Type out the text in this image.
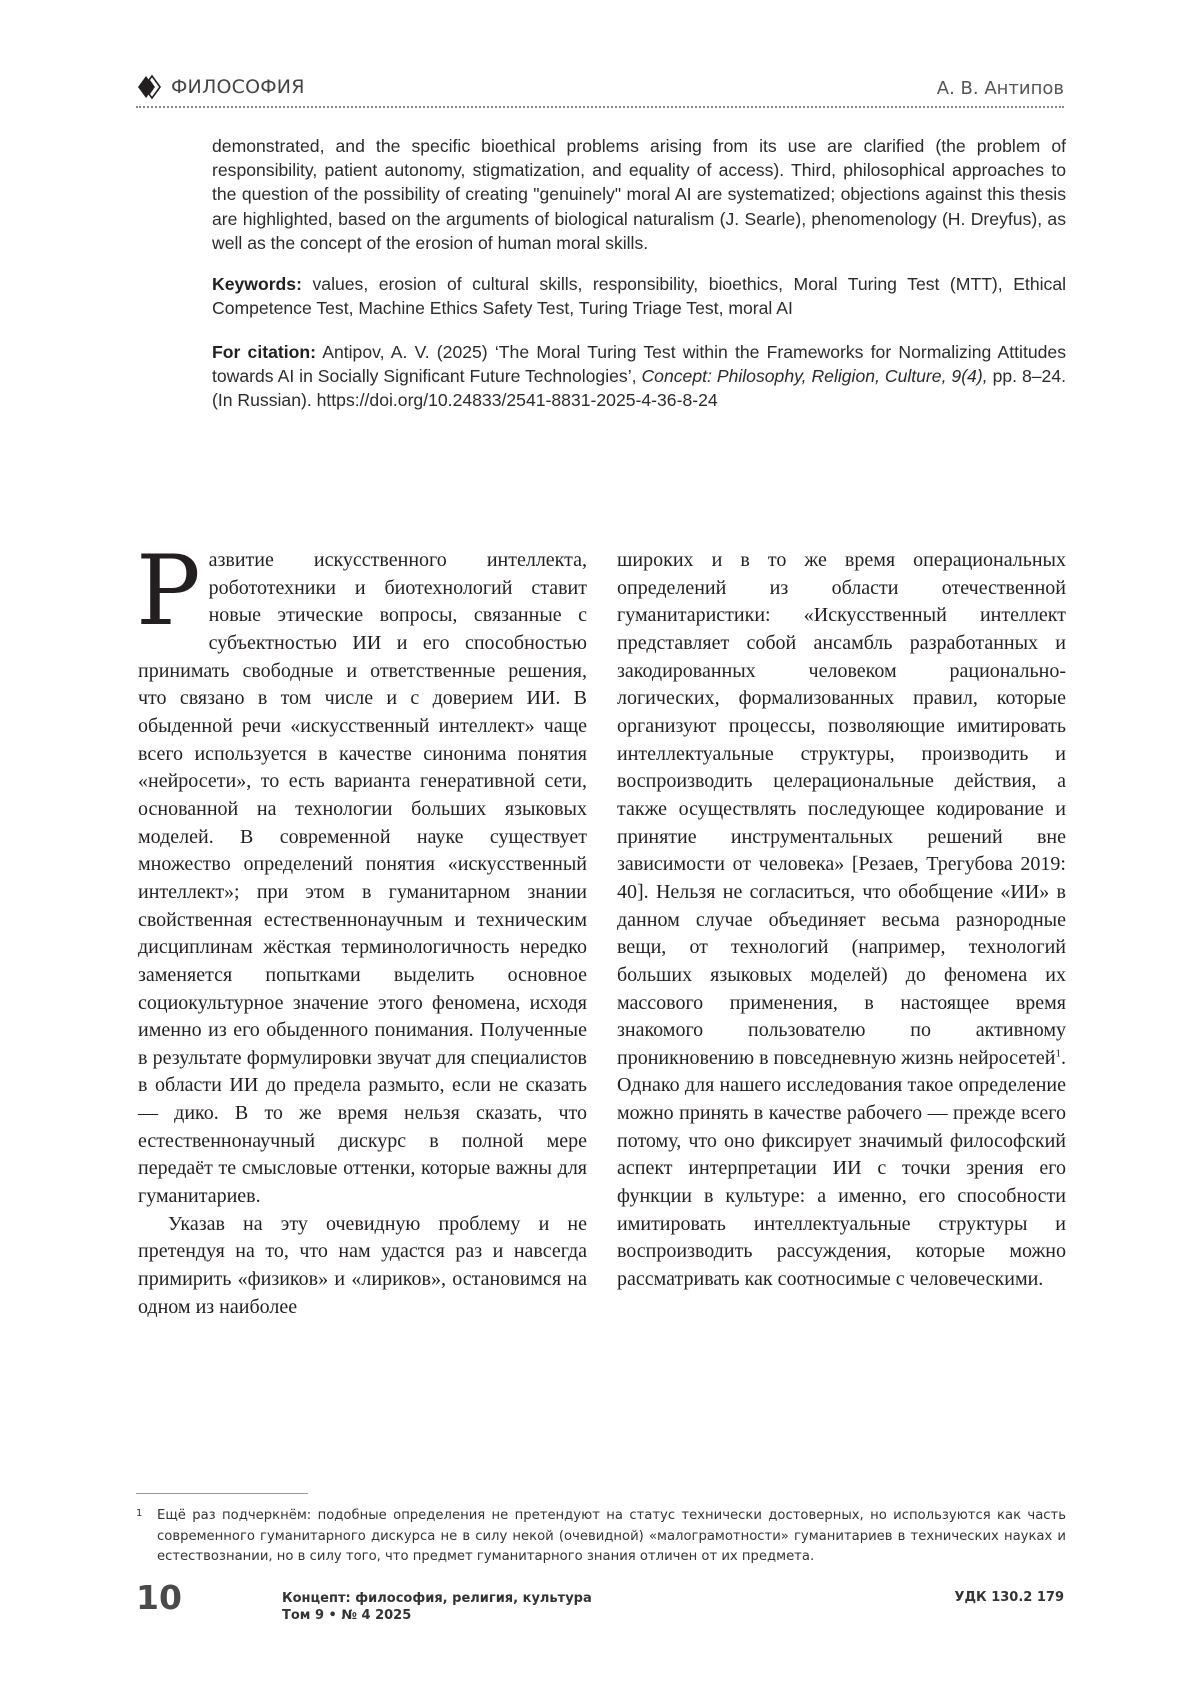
ФИЛОСОФИЯ	А. В. Антипов

demonstrated, and the specific bioethical problems arising from its use are clarified (the problem of responsibility, patient autonomy, stigmatization, and equality of access). Third, philosophical approaches to the question of the possibility of creating "genuinely" moral AI are systematized; objections against this thesis are highlighted, based on the arguments of biological naturalism (J. Searle), phenomenology (H. Dreyfus), as well as the concept of the erosion of human moral skills.

Keywords: values, erosion of cultural skills, responsibility, bioethics, Moral Turing Test (MTT), Ethical Competence Test, Machine Ethics Safety Test, Turing Triage Test, moral AI

For citation: Antipov, A. V. (2025) ‘The Moral Turing Test within the Frameworks for Normalizing Attitudes towards AI in Socially Significant Future Technologies’, Concept: Philosophy, Religion, Culture, 9(4), pp. 8–24. (In Russian). https://doi.org/10.24833/2541-8831-2025-4-36-8-24

Развитие искусственного интеллекта, робототехники и биотехнологий ставит новые этические вопросы, связанные с субъектностью ИИ и его способностью принимать свободные и ответственные решения, что связано в том числе и с доверием ИИ. В обыденной речи «искусственный интеллект» чаще всего используется в качестве синонима понятия «нейросети», то есть варианта генеративной сети, основанной на технологии больших языковых моделей. В современной науке существует множество определений понятия «искусственный интеллект»; при этом в гуманитарном знании свойственная естественнонаучным и техническим дисциплинам жёсткая терминологичность нередко заменяется попытками выделить основное социокультурное значение этого феномена, исходя именно из его обыденного понимания. Полученные в результате формулировки звучат для специалистов в области ИИ до предела размыто, если не сказать — дико. В то же время нельзя сказать, что естественнонаучный дискурс в полной мере передаёт те смысловые оттенки, которые важны для гуманитариев.

Указав на эту очевидную проблему и не претендуя на то, что нам удастся раз и навсегда примирить «физиков» и «лириков», остановимся на одном из наиболее

широких и в то же время операциональных определений из области отечественной гуманитаристики: «Искусственный интеллект представляет собой ансамбль разработанных и закодированных человеком рационально-логических, формализованных правил, которые организуют процессы, позволяющие имитировать интеллектуальные структуры, производить и воспроизводить целерациональные действия, а также осуществлять последующее кодирование и принятие инструментальных решений вне зависимости от человека» [Резаев, Трегубова 2019: 40]. Нельзя не согласиться, что обобщение «ИИ» в данном случае объединяет весьма разнородные вещи, от технологий (например, технологий больших языковых моделей) до феномена их массового применения, в настоящее время знакомого пользователю по активному проникновению в повседневную жизнь нейросетей$^1$. Однако для нашего исследования такое определение можно принять в качестве рабочего — прежде всего потому, что оно фиксирует значимый философский аспект интерпретации ИИ с точки зрения его функции в культуре: а именно, его способности имитировать интеллектуальные структуры и воспроизводить рассуждения, которые можно рассматривать как соотносимые с человеческими.

1 Ещё раз подчеркнём: подобные определения не претендуют на статус технически достоверных, но используются как часть современного гуманитарного дискурса не в силу некой (очевидной) «малограмотности» гуманитариев в технических науках и естествознании, но в силу того, что предмет гуманитарного знания отличен от их предмета.
10	Концепт: философия, религия, культура
Том 9 • № 4 2025
УДК 130.2 179
